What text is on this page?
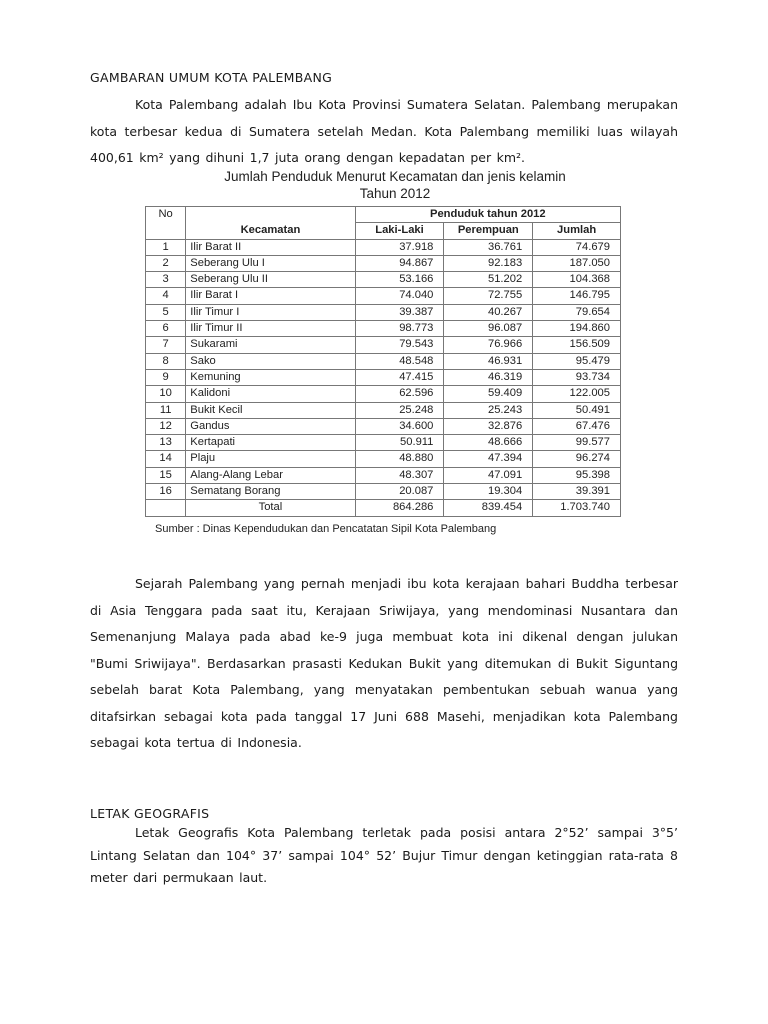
GAMBARAN UMUM KOTA PALEMBANG
Kota Palembang adalah Ibu Kota Provinsi Sumatera Selatan. Palembang merupakan kota terbesar kedua di Sumatera setelah Medan. Kota Palembang memiliki luas wilayah 400,61 km² yang dihuni 1,7 juta orang dengan kepadatan per km².
Sejarah Palembang yang pernah menjadi ibu kota kerajaan bahari Buddha terbesar di Asia Tenggara pada saat itu, Kerajaan Sriwijaya, yang mendominasi Nusantara dan Semenanjung Malaya pada abad ke-9 juga membuat kota ini dikenal dengan julukan "Bumi Sriwijaya". Berdasarkan prasasti Kedukan Bukit yang ditemukan di Bukit Siguntang sebelah barat Kota Palembang, yang menyatakan pembentukan sebuah wanua yang ditafsirkan sebagai kota pada tanggal 17 Juni 688 Masehi, menjadikan kota Palembang sebagai kota tertua di Indonesia.
LETAK GEOGRAFIS
Letak Geografis Kota Palembang terletak pada posisi antara 2°52’ sampai 3°5’ Lintang Selatan dan 104° 37’ sampai 104° 52’ Bujur Timur dengan ketinggian rata-rata 8 meter dari permukaan laut.
Jumlah Penduduk Menurut Kecamatan dan jenis kelamin
Tahun 2012
No	Kecamatan	Penduduk tahun 2012		
		Laki-Laki	Perempuan	Jumlah
1	Ilir Barat II	37.918	36.761	74.679
2	Seberang Ulu I	94.867	92.183	187.050
3	Seberang Ulu II	53.166	51.202	104.368
4	Ilir Barat I	74.040	72.755	146.795
5	Ilir Timur I	39.387	40.267	79.654
6	Ilir Timur II	98.773	96.087	194.860
7	Sukarami	79.543	76.966	156.509
8	Sako	48.548	46.931	95.479
9	Kemuning	47.415	46.319	93.734
10	Kalidoni	62.596	59.409	122.005
11	Bukit Kecil	25.248	25.243	50.491
12	Gandus	34.600	32.876	67.476
13	Kertapati	50.911	48.666	99.577
14	Plaju	48.880	47.394	96.274
15	Alang-Alang Lebar	48.307	47.091	95.398
16	Sematang Borang	20.087	19.304	39.391
	Total	864.286	839.454	1.703.740
Sumber : Dinas Kependudukan dan Pencatatan Sipil Kota Palembang
